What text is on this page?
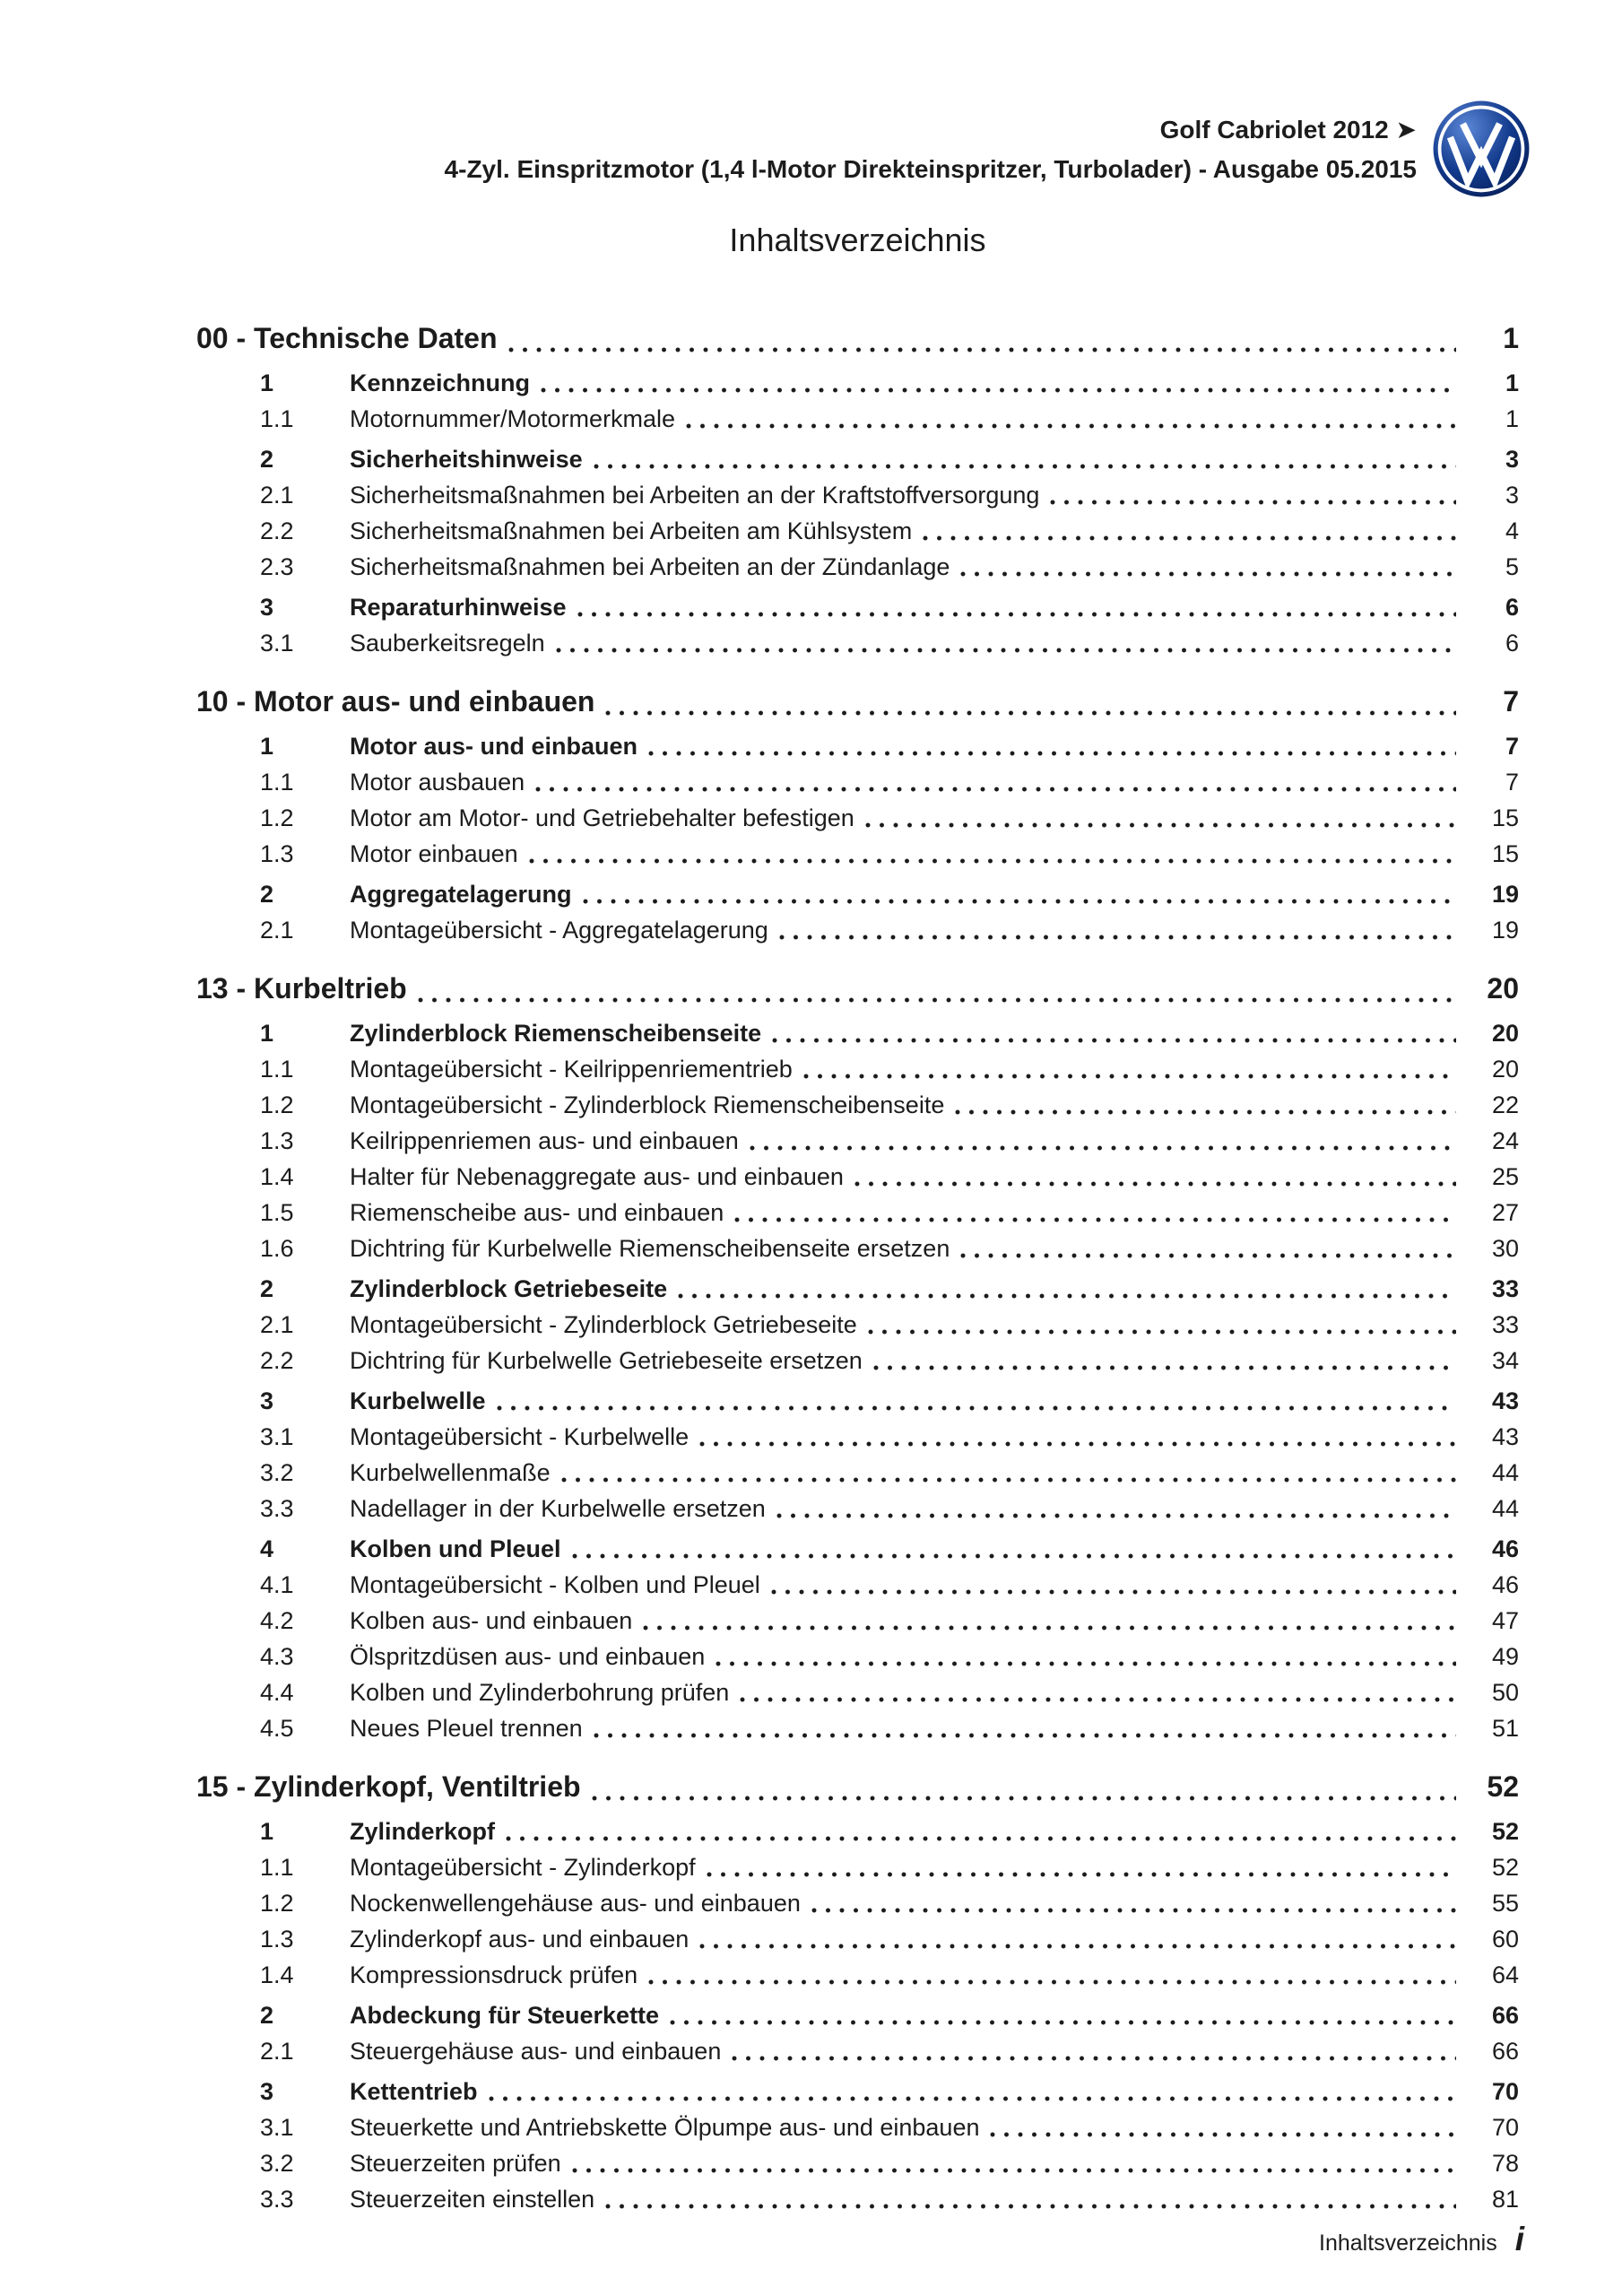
Golf Cabriolet 2012 ➤
4-Zyl. Einspritzmotor (1,4 l-Motor Direkteinspritzer, Turbolader) - Ausgabe 05.2015
Inhaltsverzeichnis
00 - Technische Daten	1
1	Kennzeichnung	1
1.1	Motornummer/Motormerkmale	1
2	Sicherheitshinweise	3
2.1	Sicherheitsmaßnahmen bei Arbeiten an der Kraftstoffversorgung	3
2.2	Sicherheitsmaßnahmen bei Arbeiten am Kühlsystem	4
2.3	Sicherheitsmaßnahmen bei Arbeiten an der Zündanlage	5
3	Reparaturhinweise	6
3.1	Sauberkeitsregeln	6
10 - Motor aus- und einbauen	7
1	Motor aus- und einbauen	7
1.1	Motor ausbauen	7
1.2	Motor am Motor- und Getriebehalter befestigen	15
1.3	Motor einbauen	15
2	Aggregatelagerung	19
2.1	Montageübersicht - Aggregatelagerung	19
13 - Kurbeltrieb	20
1	Zylinderblock Riemenscheibenseite	20
1.1	Montageübersicht - Keilrippenriementrieb	20
1.2	Montageübersicht - Zylinderblock Riemenscheibenseite	22
1.3	Keilrippenriemen aus- und einbauen	24
1.4	Halter für Nebenaggregate aus- und einbauen	25
1.5	Riemenscheibe aus- und einbauen	27
1.6	Dichtring für Kurbelwelle Riemenscheibenseite ersetzen	30
2	Zylinderblock Getriebeseite	33
2.1	Montageübersicht - Zylinderblock Getriebeseite	33
2.2	Dichtring für Kurbelwelle Getriebeseite ersetzen	34
3	Kurbelwelle	43
3.1	Montageübersicht - Kurbelwelle	43
3.2	Kurbelwellenmaße	44
3.3	Nadellager in der Kurbelwelle ersetzen	44
4	Kolben und Pleuel	46
4.1	Montageübersicht - Kolben und Pleuel	46
4.2	Kolben aus- und einbauen	47
4.3	Ölspritzdüsen aus- und einbauen	49
4.4	Kolben und Zylinderbohrung prüfen	50
4.5	Neues Pleuel trennen	51
15 - Zylinderkopf, Ventiltrieb	52
1	Zylinderkopf	52
1.1	Montageübersicht - Zylinderkopf	52
1.2	Nockenwellengehäuse aus- und einbauen	55
1.3	Zylinderkopf aus- und einbauen	60
1.4	Kompressionsdruck prüfen	64
2	Abdeckung für Steuerkette	66
2.1	Steuergehäuse aus- und einbauen	66
3	Kettentrieb	70
3.1	Steuerkette und Antriebskette Ölpumpe aus- und einbauen	70
3.2	Steuerzeiten prüfen	78
3.3	Steuerzeiten einstellen	81
Inhaltsverzeichnis i
